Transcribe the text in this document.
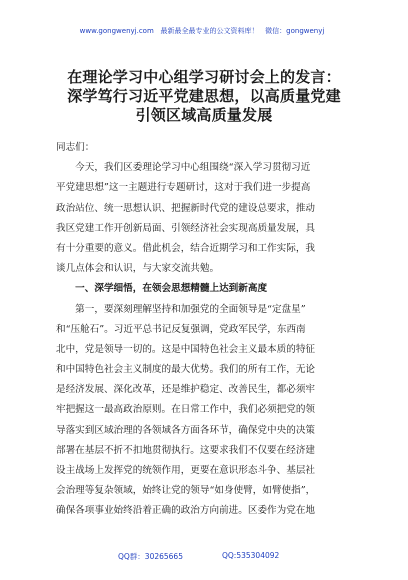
www.gongwenyj.com 最新最全最专业的公文资料库！ 微信：gongwenyj
在理论学习中心组学习研讨会上的发言：
深学笃行习近平党建思想，以高质量党建
引领区域高质量发展
同志们：
　　今天，我们区委理论学习中心组围绕“深入学习贯彻习近
平党建思想”这一主题进行专题研讨，这对于我们进一步提高
政治站位、统一思想认识、把握新时代党的建设总要求，推动
我区党建工作开创新局面、引领经济社会实现高质量发展，具
有十分重要的意义。借此机会，结合近期学习和工作实际，我
谈几点体会和认识，与大家交流共勉。
　　一、深学细悟，在领会思想精髓上达到新高度
　　第一，要深刻理解坚持和加强党的全面领导是“定盘星”
和“压舱石”。习近平总书记反复强调，党政军民学，东西南
北中，党是领导一切的。这是中国特色社会主义最本质的特征
和中国特色社会主义制度的最大优势。我们的所有工作，无论
是经济发展、深化改革，还是维护稳定、改善民生，都必须牢
牢把握这一最高政治原则。在日常工作中，我们必须把党的领
导落实到区域治理的各领域各方面各环节，确保党中央的决策
部署在基层不折不扣地贯彻执行。这要求我们不仅要在经济建
设主战场上发挥党的统领作用，更要在意识形态斗争、基层社
会治理等复杂领域，始终让党的领导“如身使臂，如臂使指”，
确保各项事业始终沿着正确的政治方向前进。区委作为党在地
QQ群：30265665	QQ:535304092
